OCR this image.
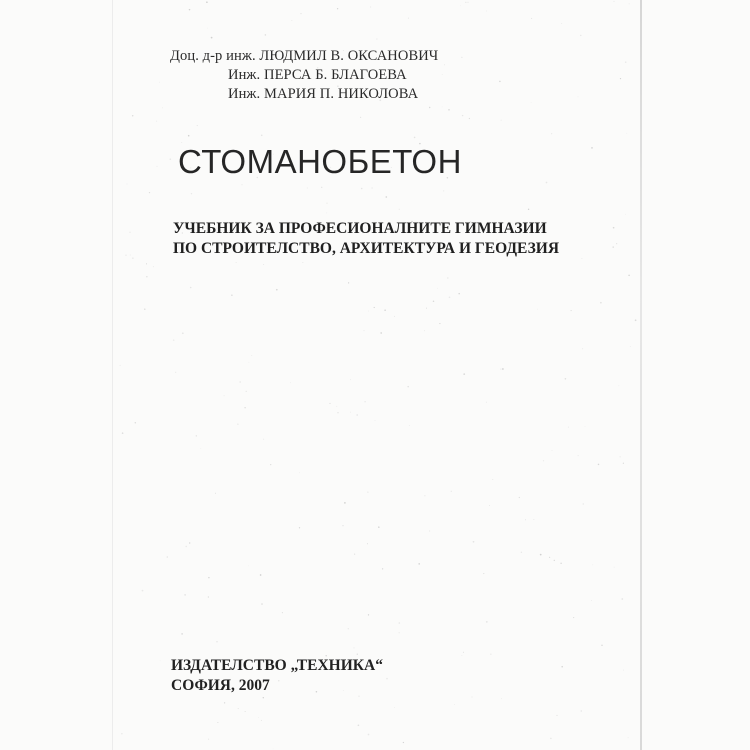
Доц. д-р инж. ЛЮДМИЛ В. ОКСАНОВИЧ
Инж. ПЕРСА Б. БЛАГОЕВА
Инж. МАРИЯ П. НИКОЛОВА
СТОМАНОБЕТОН
УЧЕБНИК ЗА ПРОФЕСИОНАЛНИТЕ ГИМНАЗИИ
ПО СТРОИТЕЛСТВО, АРХИТЕКТУРА И ГЕОДЕЗИЯ
ИЗДАТЕЛСТВО „ТЕХНИКА“
СОФИЯ, 2007
